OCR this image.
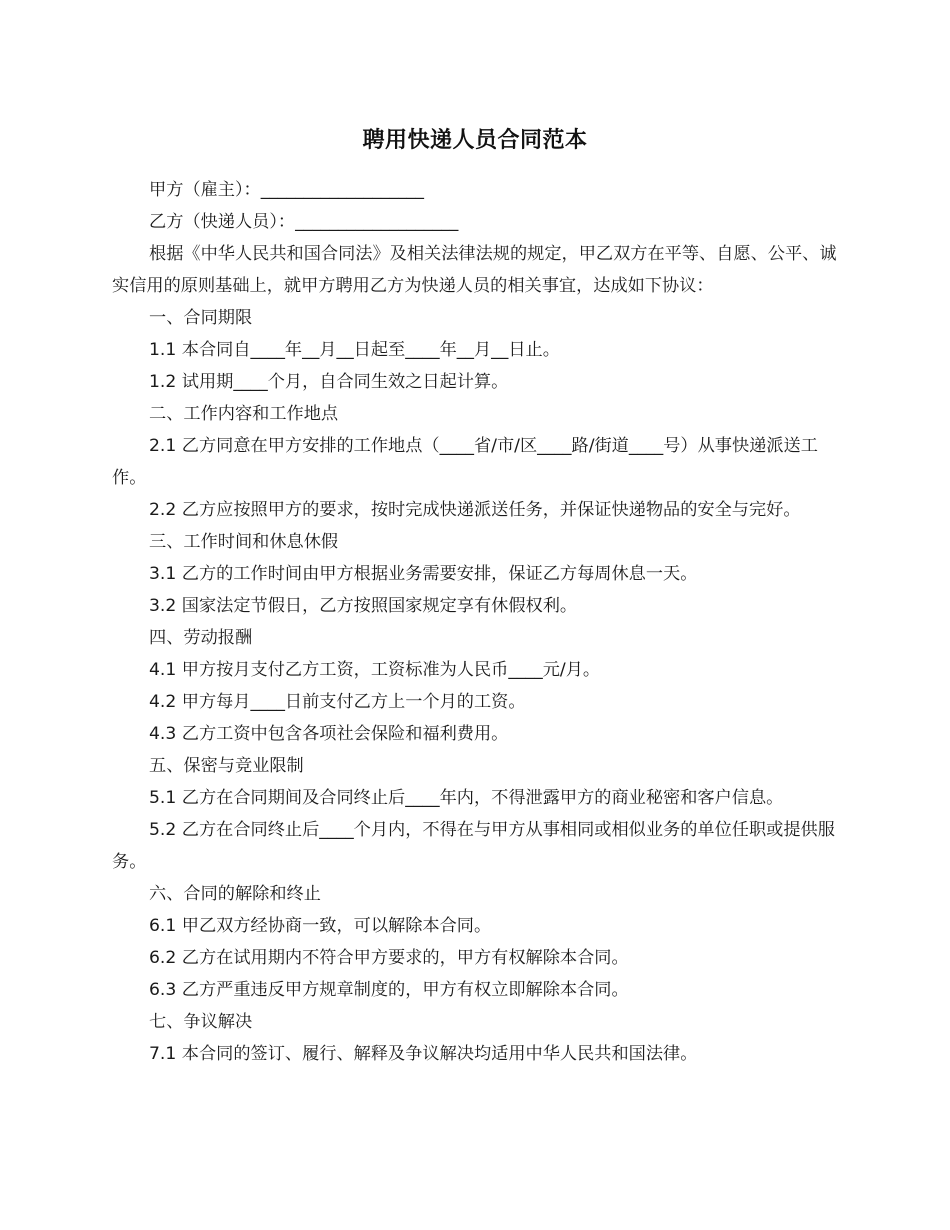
聘用快递人员合同范本

甲方（雇主）：___________________

乙方（快递人员）：___________________

根据《中华人民共和国合同法》及相关法律法规的规定，甲乙双方在平等、自愿、公平、诚实信用的原则基础上，就甲方聘用乙方为快递人员的相关事宜，达成如下协议：

一、合同期限

1.1 本合同自____年__月__日起至____年__月__日止。

1.2 试用期____个月，自合同生效之日起计算。

二、工作内容和工作地点

2.1 乙方同意在甲方安排的工作地点（____省/市/区____路/街道____号）从事快递派送工作。

2.2 乙方应按照甲方的要求，按时完成快递派送任务，并保证快递物品的安全与完好。

三、工作时间和休息休假

3.1 乙方的工作时间由甲方根据业务需要安排，保证乙方每周休息一天。

3.2 国家法定节假日，乙方按照国家规定享有休假权利。

四、劳动报酬

4.1 甲方按月支付乙方工资，工资标准为人民币____元/月。

4.2 甲方每月____日前支付乙方上一个月的工资。

4.3 乙方工资中包含各项社会保险和福利费用。

五、保密与竞业限制

5.1 乙方在合同期间及合同终止后____年内，不得泄露甲方的商业秘密和客户信息。

5.2 乙方在合同终止后____个月内，不得在与甲方从事相同或相似业务的单位任职或提供服务。

六、合同的解除和终止

6.1 甲乙双方经协商一致，可以解除本合同。

6.2 乙方在试用期内不符合甲方要求的，甲方有权解除本合同。

6.3 乙方严重违反甲方规章制度的，甲方有权立即解除本合同。

七、争议解决

7.1 本合同的签订、履行、解释及争议解决均适用中华人民共和国法律。
